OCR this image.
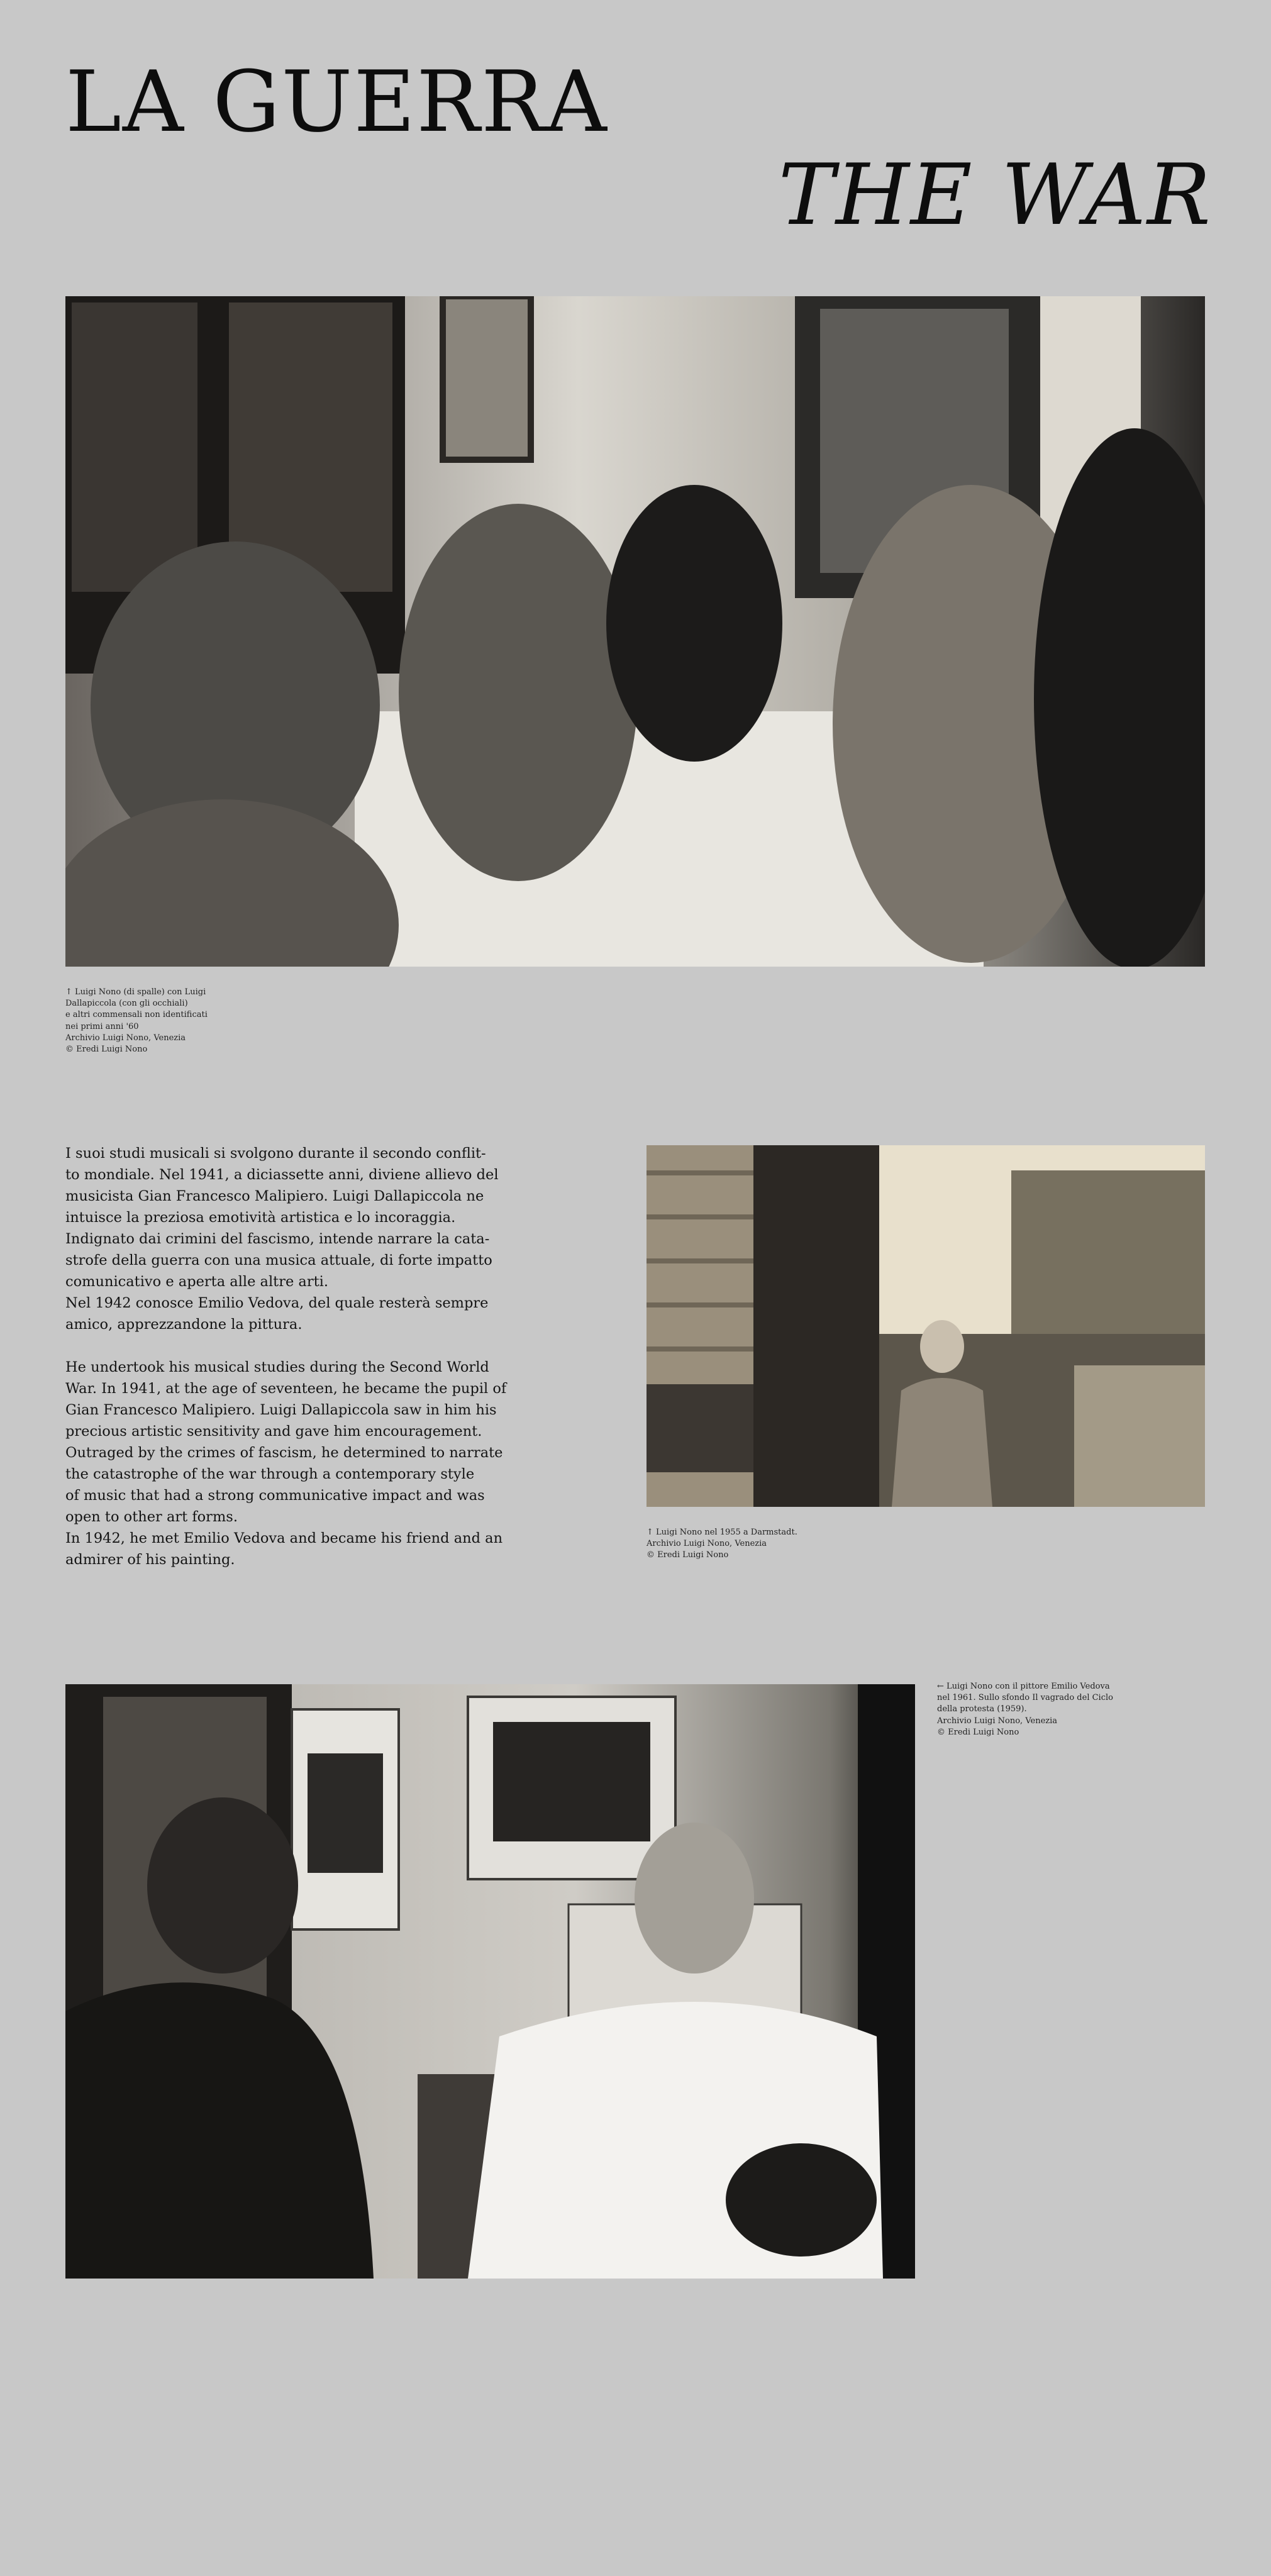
LA GUERRA
THE WAR
↑ Luigi Nono (di spalle) con Luigi
Dallapiccola (con gli occhiali)
e altri commensali non identificati
nei primi anni '60
Archivio Luigi Nono, Venezia
© Eredi Luigi Nono

I suoi studi musicali si svolgono durante il secondo conflit-

to mondiale. Nel 1941, a diciassette anni, diviene allievo del

musicista Gian Francesco Malipiero. Luigi Dallapiccola ne

intuisce la preziosa emotività artistica e lo incoraggia.

Indignato dai crimini del fascismo, intende narrare la cata-

strofe della guerra con una musica attuale, di forte impatto

comunicativo e aperta alle altre arti.

Nel 1942 conosce Emilio Vedova, del quale resterà sempre

amico, apprezzandone la pittura.

He undertook his musical studies during the Second World

War. In 1941, at the age of seventeen, he became the pupil of

Gian Francesco Malipiero. Luigi Dallapiccola saw in him his

precious artistic sensitivity and gave him encouragement.

Outraged by the crimes of fascism, he determined to narrate

the catastrophe of the war through a contemporary style

of music that had a strong communicative impact and was

open to other art forms.

In 1942, he met Emilio Vedova and became his friend and an

admirer of his painting.

↑ Luigi Nono nel 1955 a Darmstadt.
Archivio Luigi Nono, Venezia
© Eredi Luigi Nono
← Luigi Nono con il pittore Emilio Vedova
nel 1961. Sullo sfondo Il vagrado del Ciclo
della protesta (1959).
Archivio Luigi Nono, Venezia
© Eredi Luigi Nono
